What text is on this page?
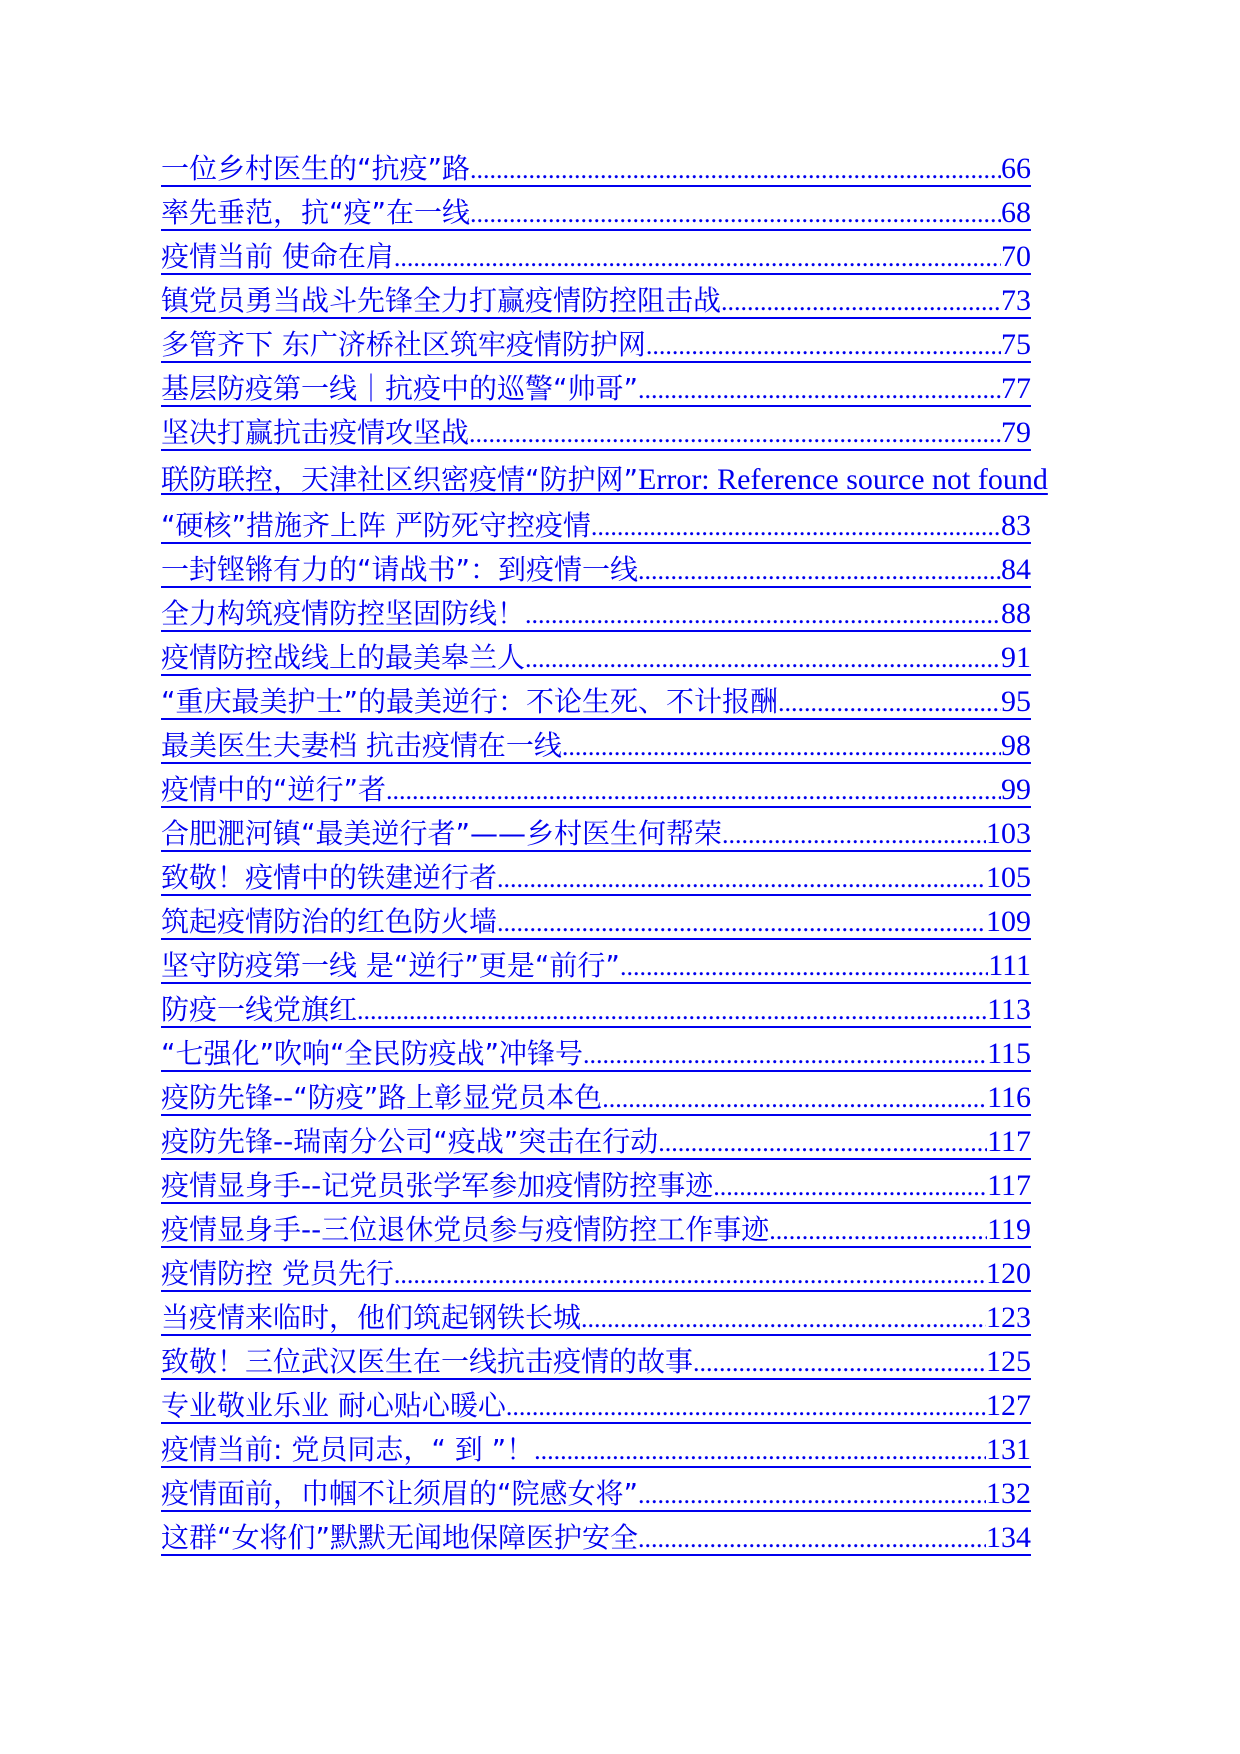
一位乡村医生的“抗疫”路 .....	66
率先垂范，抗“疫”在一线 .....	68
疫情当前 使命在肩 .....	70
镇党员勇当战斗先锋全力打赢疫情防控阻击战 .....	73
多管齐下 东广济桥社区筑牢疫情防护网 .....	75
基层防疫第一线｜抗疫中的巡警“帅哥” .....	77
坚决打赢抗击疫情攻坚战 .....	79
联防联控，天津社区织密疫情“防护网”Error: Reference source not found
“硬核”措施齐上阵 严防死守控疫情 .....	83
一封铿锵有力的“请战书”：到疫情一线 .....	84
全力构筑疫情防控坚固防线！ .....	88
疫情防控战线上的最美皋兰人 .....	91
“重庆最美护士”的最美逆行：不论生死、不计报酬 .....	95
最美医生夫妻档 抗击疫情在一线 .....	98
疫情中的“逆行”者 .....	99
合肥淝河镇“最美逆行者”——乡村医生何帮荣 .....	103
致敬！疫情中的铁建逆行者 .....	105
筑起疫情防治的红色防火墙 .....	109
坚守防疫第一线 是“逆行”更是“前行” .....	111
防疫一线党旗红 .....	113
“七强化”吹响“全民防疫战”冲锋号 .....	115
疫防先锋--“防疫”路上彰显党员本色 .....	116
疫防先锋--瑞南分公司“疫战”突击在行动 .....	117
疫情显身手--记党员张学军参加疫情防控事迹 .....	117
疫情显身手--三位退休党员参与疫情防控工作事迹 .....	119
疫情防控 党员先行 .....	120
当疫情来临时，他们筑起钢铁长城 .....	123
致敬！三位武汉医生在一线抗击疫情的故事 .....	125
专业敬业乐业 耐心贴心暖心 .....	127
疫情当前: 党员同志，“ 到 ”！ .....	131
疫情面前，巾帼不让须眉的“院感女将” .....	132
这群“女将们”默默无闻地保障医护安全 .....	134
